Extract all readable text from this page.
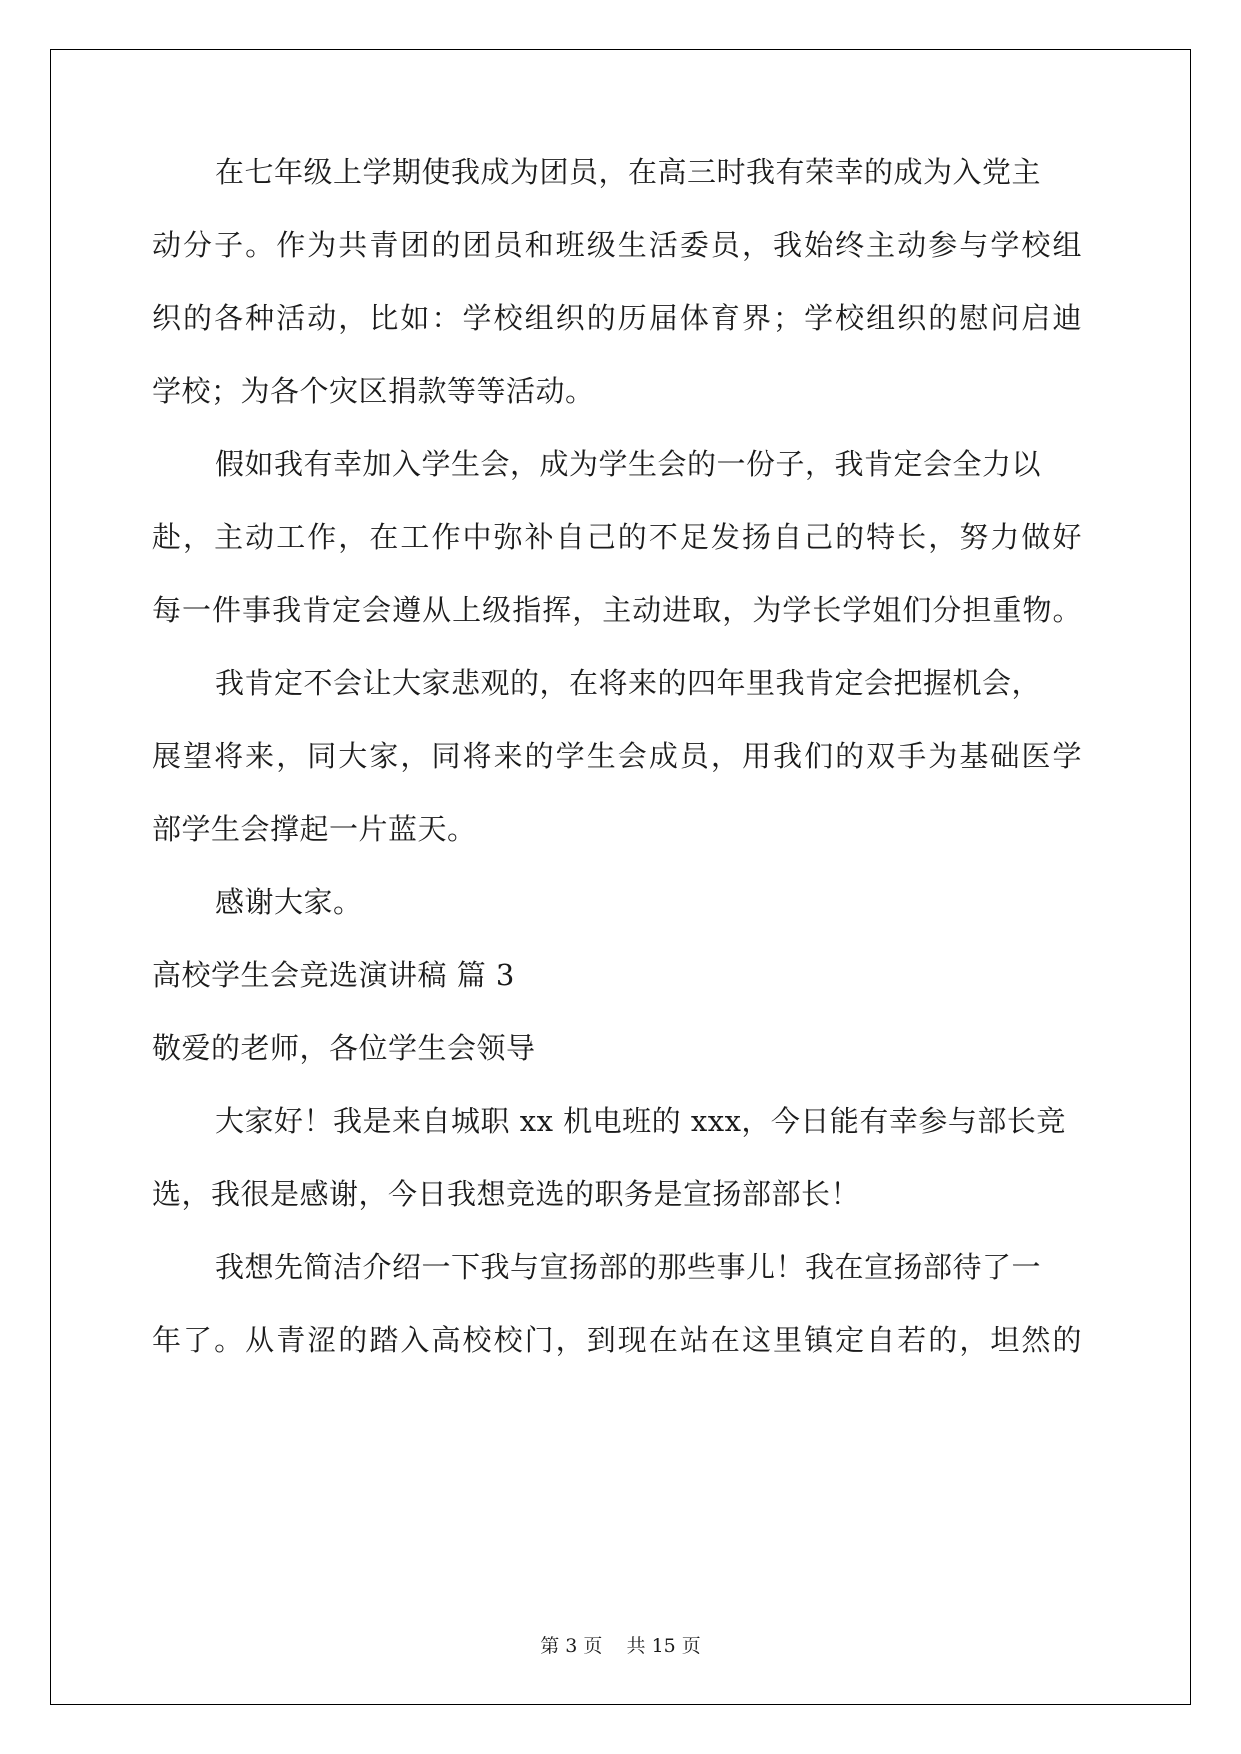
在七年级上学期使我成为团员，在高三时我有荣幸的成为入党主
动分子。作为共青团的团员和班级生活委员，我始终主动参与学校组
织的各种活动，比如：学校组织的历届体育界；学校组织的慰问启迪
学校；为各个灾区捐款等等活动。
假如我有幸加入学生会，成为学生会的一份子，我肯定会全力以
赴，主动工作，在工作中弥补自己的不足发扬自己的特长，努力做好
每一件事我肯定会遵从上级指挥，主动进取，为学长学姐们分担重物。
我肯定不会让大家悲观的，在将来的四年里我肯定会把握机会，
展望将来，同大家，同将来的学生会成员，用我们的双手为基础医学
部学生会撑起一片蓝天。
感谢大家。
高校学生会竞选演讲稿 篇 3
敬爱的老师，各位学生会领导
大家好！我是来自城职 xx 机电班的 xxx，今日能有幸参与部长竞
选，我很是感谢，今日我想竞选的职务是宣扬部部长！
我想先简洁介绍一下我与宣扬部的那些事儿！我在宣扬部待了一
年了。从青涩的踏入高校校门，到现在站在这里镇定自若的，坦然的
第 3 页 共 15 页
